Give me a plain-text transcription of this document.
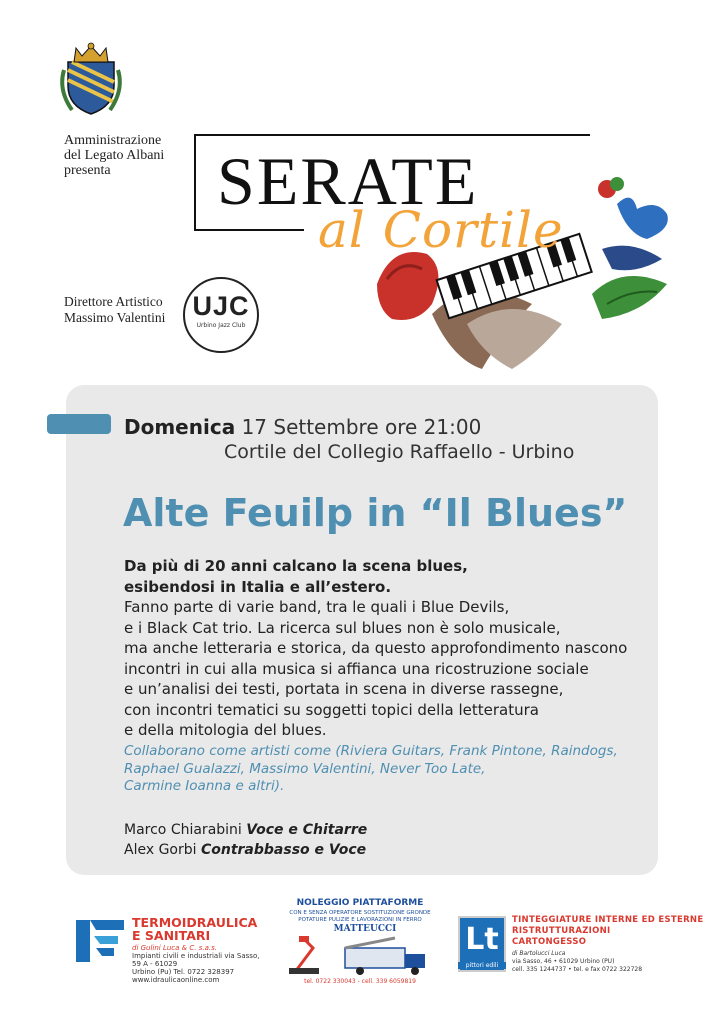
Amministrazione
del Legato Albani
presenta
Direttore Artistico
Massimo Valentini UJC
Urbino Jazz Club
SERATE
al Cortile
Domenica 17 Settembre ore 21:00
Cortile del Collegio Raffaello - Urbino
Alte Feuilp in “Il Blues”
Da più di 20 anni calcano la scena blues,
esibendosi in Italia e all’estero.
Fanno parte di varie band, tra le quali i Blue Devils,
e i Black Cat trio. La ricerca sul blues non è solo musicale,
ma anche letteraria e storica, da questo approfondimento nascono
incontri in cui alla musica si affianca una ricostruzione sociale
e un’analisi dei testi, portata in scena in diverse rassegne,
con incontri tematici su soggetti topici della letteratura
e della mitologia del blues.
Collaborano come artisti come (Riviera Guitars, Frank Pintone, Raindogs,
Raphael Gualazzi, Massimo Valentini, Never Too Late,
Carmine Ioanna e altri).
Marco Chiarabini Voce e Chitarre
Alex Gorbi Contrabbasso e Voce
TERMOIDRAULICA
E SANITARI
di Gulini Luca & C. s.a.s.
Impianti civili e industriali via Sasso, 59 A - 61029
Urbino (Pu) Tel. 0722 328397
www.idraulicaonline.com
NOLEGGIO PIATTAFORME
CON E SENZA OPERATORE SOSTITUZIONE GRONDE
POTATURE PULIZIE E LAVORAZIONI IN FERRO
MATTEUCCI
tel. 0722 330043 - cell. 339 6059819
Lt
pittori edili
TINTEGGIATURE INTERNE ED ESTERNE
RISTRUTTURAZIONI
CARTONGESSO
di Bartolucci Luca
via Sasso, 46 • 61029 Urbino (PU)
cell. 335 1244737 • tel. e fax 0722 322728
